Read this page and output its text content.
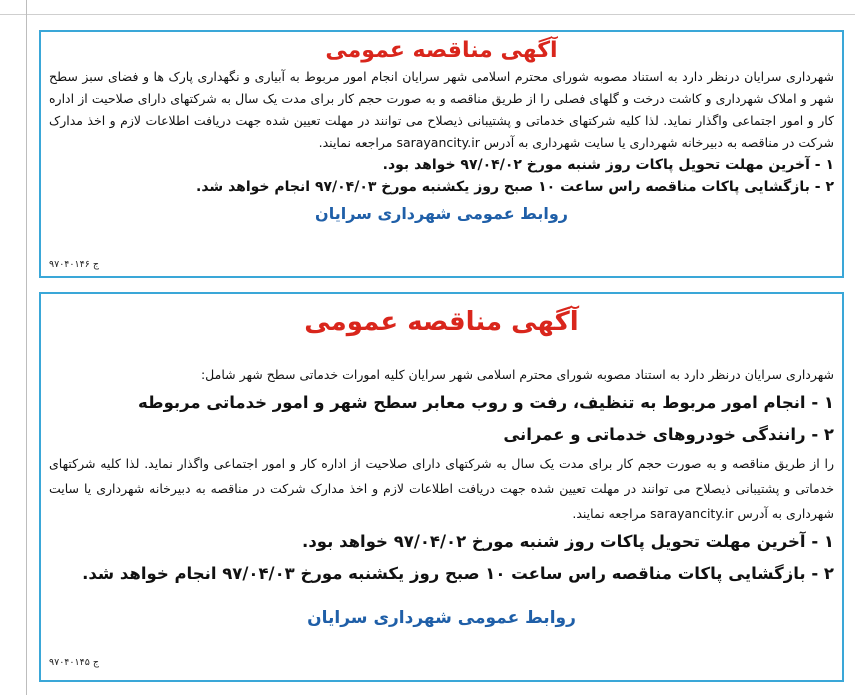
آگهی مناقصه عمومی
شهرداری سرایان درنظر دارد به استناد مصوبه شورای محترم اسلامی شهر سرایان انجام امور مربوط به آبیاری و نگهداری پارک ها و فضای سبز سطح شهر و املاک شهرداری و کاشت درخت و گلهای فصلی را از طریق مناقصه و به صورت حجم کار برای مدت یک سال به شرکتهای دارای صلاحیت از اداره کار و امور اجتماعی واگذار نماید. لذا کلیه شرکتهای خدماتی و پشتیبانی ذیصلاح می توانند در مهلت تعیین شده جهت دریافت اطلاعات لازم و اخذ مدارک شرکت در مناقصه به دبیرخانه شهرداری یا سایت شهرداری به آدرس sarayancity.ir مراجعه نمایند.
۱ - آخرین مهلت تحویل پاکات روز شنبه مورخ ۹۷/۰۴/۰۲ خواهد بود.
۲ - بازگشایی پاکات مناقصه راس ساعت ۱۰ صبح روز یکشنبه مورخ ۹۷/۰۴/۰۳ انجام خواهد شد.
روابط عمومی شهرداری سرایان
ج ۹۷۰۴۰۱۴۶
آگهی مناقصه عمومی
شهرداری سرایان درنظر دارد به استناد مصوبه شورای محترم اسلامی شهر سرایان کلیه امورات خدماتی سطح شهر شامل:
۱ - انجام امور مربوط به تنظیف، رفت و روب معابر سطح شهر و امور خدماتی مربوطه
۲ - رانندگی خودروهای خدماتی و عمرانی
را از طریق مناقصه و به صورت حجم کار برای مدت یک سال به شرکتهای دارای صلاحیت از اداره کار و امور اجتماعی واگذار نماید. لذا کلیه شرکتهای خدماتی و پشتیبانی ذیصلاح می توانند در مهلت تعیین شده جهت دریافت اطلاعات لازم و اخذ مدارک شرکت در مناقصه به دبیرخانه شهرداری یا سایت شهرداری به آدرس sarayancity.ir مراجعه نمایند.
۱ - آخرین مهلت تحویل پاکات روز شنبه مورخ ۹۷/۰۴/۰۲ خواهد بود.
۲ - بازگشایی پاکات مناقصه راس ساعت ۱۰ صبح روز یکشنبه مورخ ۹۷/۰۴/۰۳ انجام خواهد شد.
روابط عمومی شهرداری سرایان
ج ۹۷۰۴۰۱۴۵
